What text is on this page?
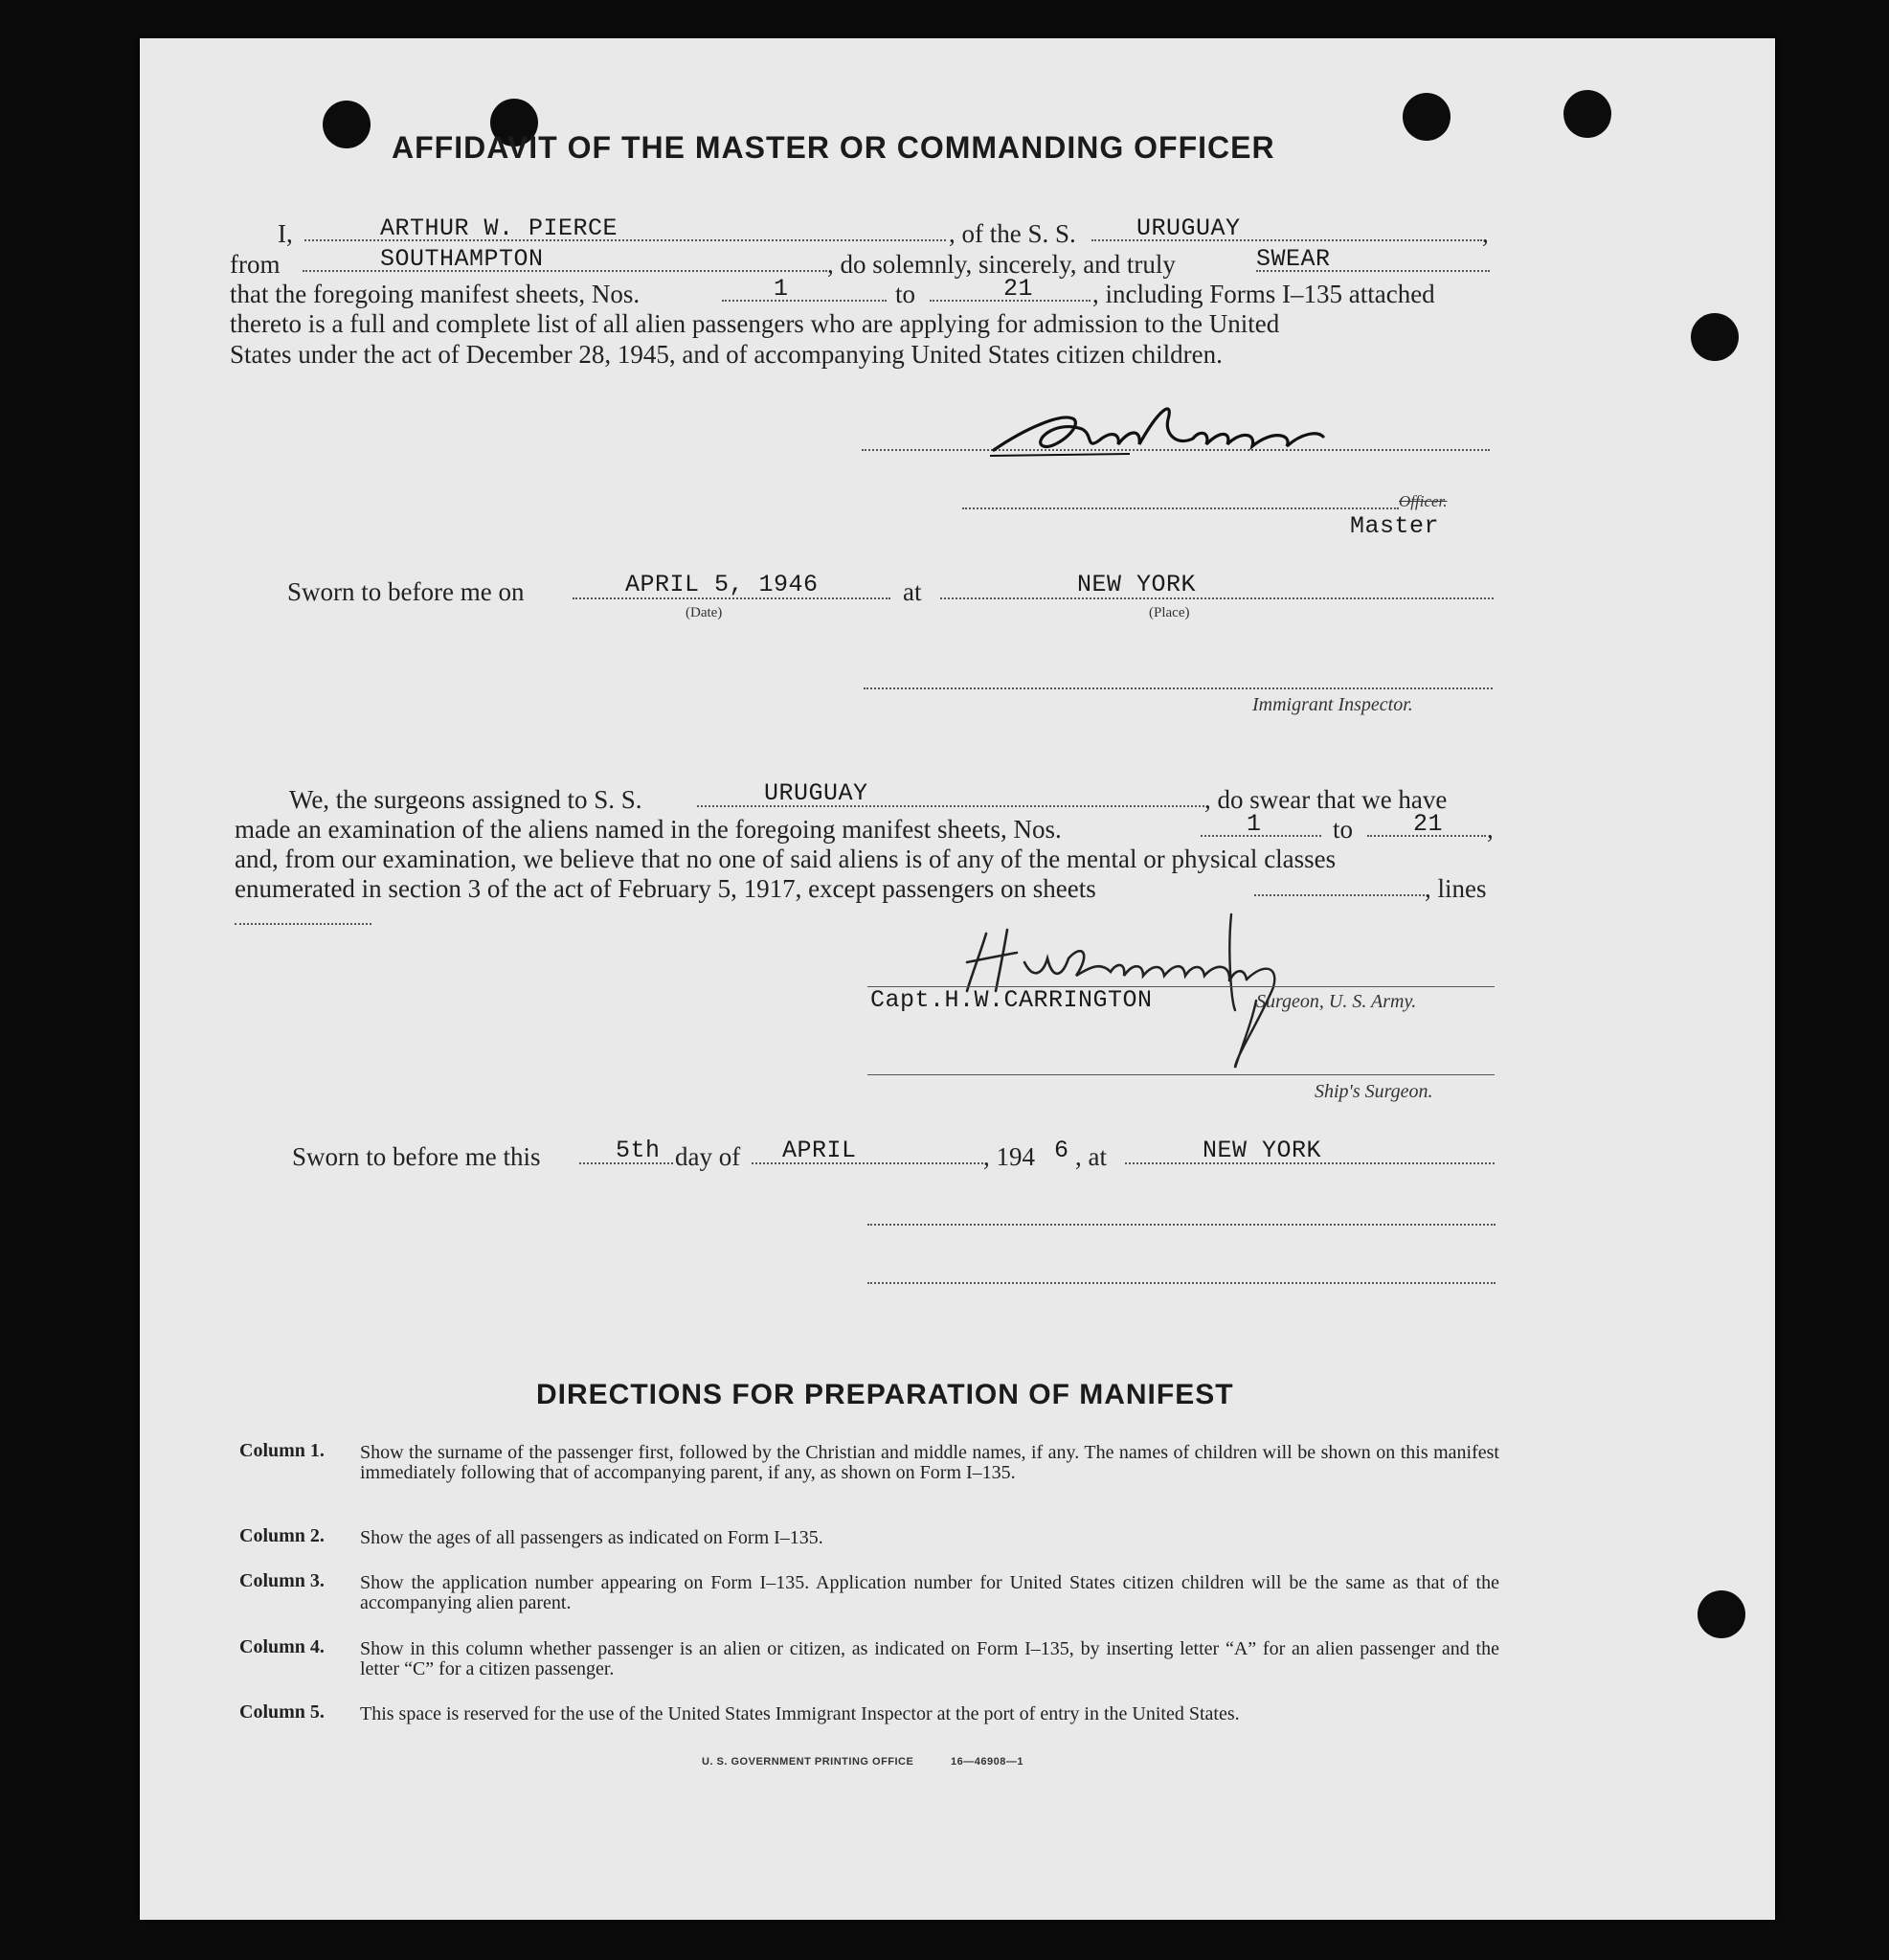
AFFIDAVIT OF THE MASTER OR COMMANDING OFFICER
I,	ARTHUR W. PIERCE	, of the S. S.	URUGUAY	,
from	SOUTHAMPTON	, do solemnly, sincerely, and truly	SWEAR
that the foregoing manifest sheets, Nos.	1	to	21 , including Forms I–135 attached
thereto is a full and complete list of all alien passengers who are applying for admission to the United
States under the act of December 28, 1945, and of accompanying United States citizen children.
Officer.
Master
Sworn to before me on	APRIL 5, 1946
(Date)
at	NEW YORK
(Place)
Immigrant Inspector.
We, the surgeons assigned to S. S.	URUGUAY	, do swear that we have
made an examination of the aliens named in the foregoing manifest sheets, Nos.	1	to	21 ,
and, from our examination, we believe that no one of said aliens is of any of the mental or physical classes
enumerated in section 3 of the act of February 5, 1917, except passengers on sheets	, lines
Capt.H.W.CARRINGTON	Surgeon, U. S. Army.
Ship's Surgeon.
Sworn to before me this	5th day of APRIL	, 194 6 , at	NEW YORK
DIRECTIONS FOR PREPARATION OF MANIFEST
Column 1. Show the surname of the passenger first, followed by the Christian and middle names, if any. The names of children will be shown on this manifest immediately following that of accompanying parent, if any, as shown on Form I–135.
Column 2. Show the ages of all passengers as indicated on Form I–135.
Column 3. Show the application number appearing on Form I–135. Application number for United States citizen children will be the same as that of the accompanying alien parent.
Column 4. Show in this column whether passenger is an alien or citizen, as indicated on Form I–135, by inserting letter “A” for an alien passenger and the letter “C” for a citizen passenger.
Column 5. This space is reserved for the use of the United States Immigrant Inspector at the port of entry in the United States.
U. S. GOVERNMENT PRINTING OFFICE	16—46908—1
